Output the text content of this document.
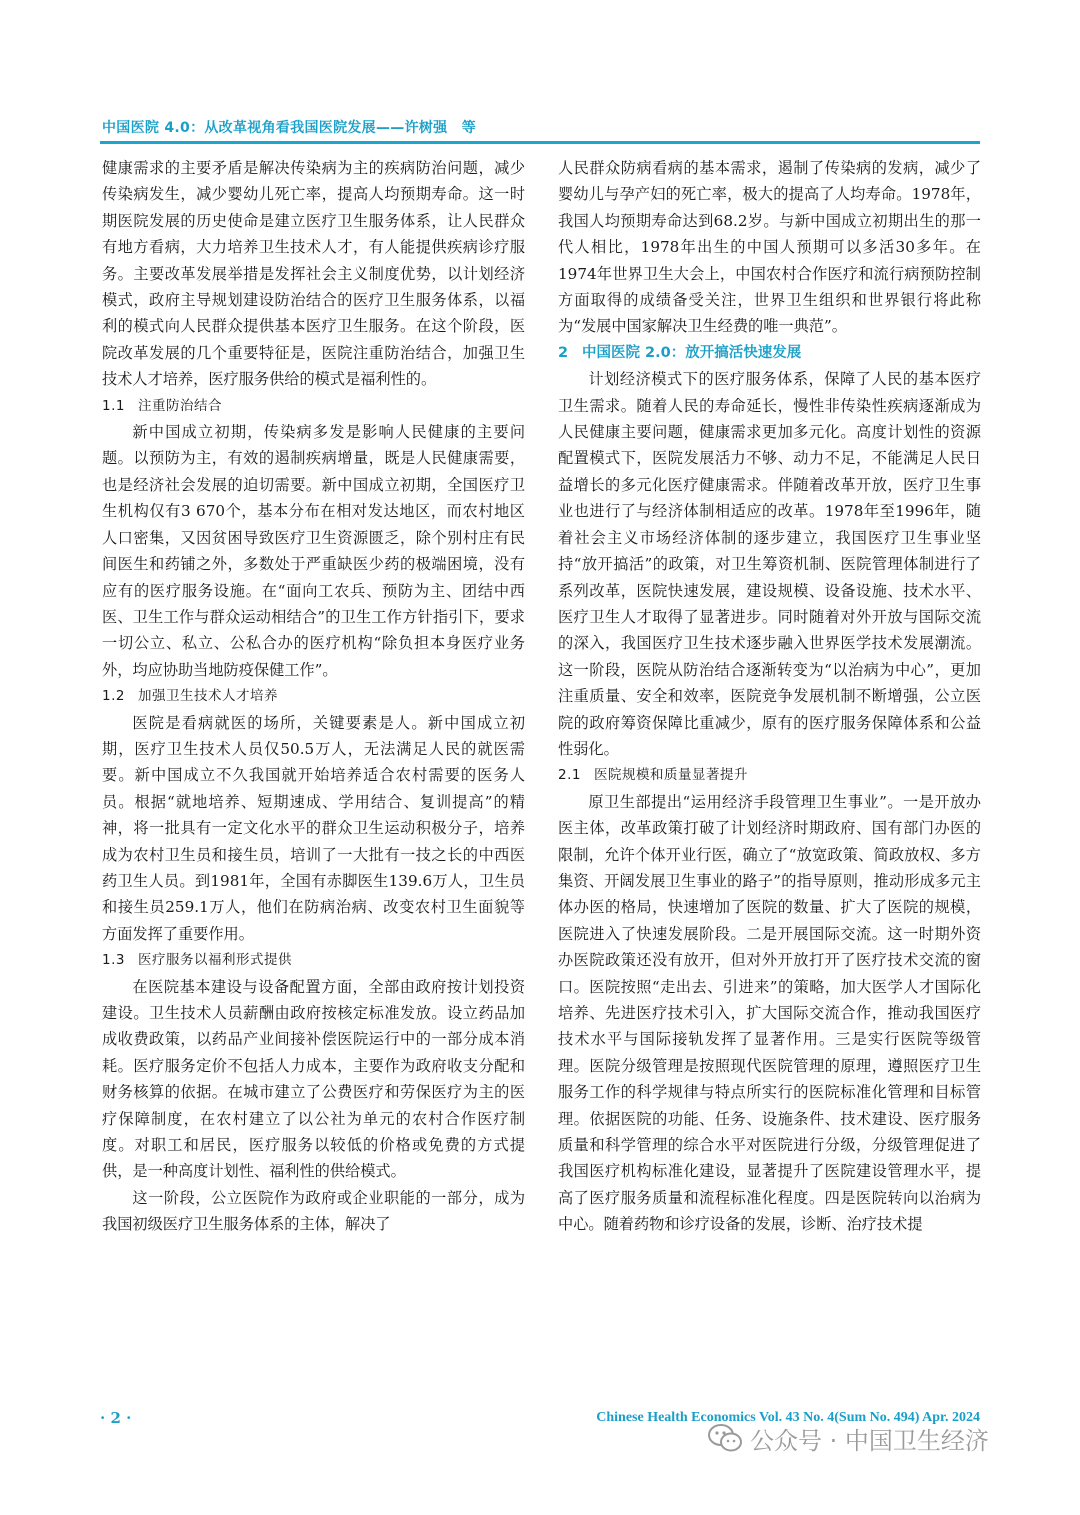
中国医院 4.0：从改革视角看我国医院发展——许树强　等

健康需求的主要矛盾是解决传染病为主的疾病防治问题，减少传染病发生，减少婴幼儿死亡率，提高人均预期寿命。这一时期医院发展的历史使命是建立医疗卫生服务体系，让人民群众有地方看病，大力培养卫生技术人才，有人能提供疾病诊疗服务。主要改革发展举措是发挥社会主义制度优势，以计划经济模式，政府主导规划建设防治结合的医疗卫生服务体系，以福利的模式向人民群众提供基本医疗卫生服务。在这个阶段，医院改革发展的几个重要特征是，医院注重防治结合，加强卫生技术人才培养，医疗服务供给的模式是福利性的。

1.1 注重防治结合

新中国成立初期，传染病多发是影响人民健康的主要问题。以预防为主，有效的遏制疾病增量，既是人民健康需要，也是经济社会发展的迫切需要。新中国成立初期，全国医疗卫生机构仅有3 670个，基本分布在相对发达地区，而农村地区人口密集，又因贫困导致医疗卫生资源匮乏，除个别村庄有民间医生和药铺之外，多数处于严重缺医少药的极端困境，没有应有的医疗服务设施。在“面向工农兵、预防为主、团结中西医、卫生工作与群众运动相结合”的卫生工作方针指引下，要求一切公立、私立、公私合办的医疗机构“除负担本身医疗业务外，均应协助当地防疫保健工作”。

1.2 加强卫生技术人才培养

医院是看病就医的场所，关键要素是人。新中国成立初期，医疗卫生技术人员仅50.5万人，无法满足人民的就医需要。新中国成立不久我国就开始培养适合农村需要的医务人员。根据“就地培养、短期速成、学用结合、复训提高”的精神，将一批具有一定文化水平的群众卫生运动积极分子，培养成为农村卫生员和接生员，培训了一大批有一技之长的中西医药卫生人员。到1981年，全国有赤脚医生139.6万人，卫生员和接生员259.1万人，他们在防病治病、改变农村卫生面貌等方面发挥了重要作用。

1.3 医疗服务以福利形式提供

在医院基本建设与设备配置方面，全部由政府按计划投资建设。卫生技术人员薪酬由政府按核定标准发放。设立药品加成收费政策，以药品产业间接补偿医院运行中的一部分成本消耗。医疗服务定价不包括人力成本，主要作为政府收支分配和财务核算的依据。在城市建立了公费医疗和劳保医疗为主的医疗保障制度，在农村建立了以公社为单元的农村合作医疗制度。对职工和居民，医疗服务以较低的价格或免费的方式提供，是一种高度计划性、福利性的供给模式。

这一阶段，公立医院作为政府或企业职能的一部分，成为我国初级医疗卫生服务体系的主体，解决了

人民群众防病看病的基本需求，遏制了传染病的发病，减少了婴幼儿与孕产妇的死亡率，极大的提高了人均寿命。1978年，我国人均预期寿命达到68.2岁。与新中国成立初期出生的那一代人相比，1978年出生的中国人预期可以多活30多年。在1974年世界卫生大会上，中国农村合作医疗和流行病预防控制方面取得的成绩备受关注，世界卫生组织和世界银行将此称为“发展中国家解决卫生经费的唯一典范”。

2 中国医院 2.0：放开搞活快速发展

计划经济模式下的医疗服务体系，保障了人民的基本医疗卫生需求。随着人民的寿命延长，慢性非传染性疾病逐渐成为人民健康主要问题，健康需求更加多元化。高度计划性的资源配置模式下，医院发展活力不够、动力不足，不能满足人民日益增长的多元化医疗健康需求。伴随着改革开放，医疗卫生事业也进行了与经济体制相适应的改革。1978年至1996年，随着社会主义市场经济体制的逐步建立，我国医疗卫生事业坚持“放开搞活”的政策，对卫生筹资机制、医院管理体制进行了系列改革，医院快速发展，建设规模、设备设施、技术水平、医疗卫生人才取得了显著进步。同时随着对外开放与国际交流的深入，我国医疗卫生技术逐步融入世界医学技术发展潮流。这一阶段，医院从防治结合逐渐转变为“以治病为中心”，更加注重质量、安全和效率，医院竞争发展机制不断增强，公立医院的政府筹资保障比重减少，原有的医疗服务保障体系和公益性弱化。

2.1 医院规模和质量显著提升

原卫生部提出“运用经济手段管理卫生事业”。一是开放办医主体，改革政策打破了计划经济时期政府、国有部门办医的限制，允许个体开业行医，确立了“放宽政策、简政放权、多方集资、开阔发展卫生事业的路子”的指导原则，推动形成多元主体办医的格局，快速增加了医院的数量、扩大了医院的规模，医院进入了快速发展阶段。二是开展国际交流。这一时期外资办医院政策还没有放开，但对外开放打开了医疗技术交流的窗口。医院按照“走出去、引进来”的策略，加大医学人才国际化培养、先进医疗技术引入，扩大国际交流合作，推动我国医疗技术水平与国际接轨发挥了显著作用。三是实行医院等级管理。医院分级管理是按照现代医院管理的原理，遵照医疗卫生服务工作的科学规律与特点所实行的医院标准化管理和目标管理。依据医院的功能、任务、设施条件、技术建设、医疗服务质量和科学管理的综合水平对医院进行分级，分级管理促进了我国医疗机构标准化建设，显著提升了医院建设管理水平，提高了医疗服务质量和流程标准化程度。四是医院转向以治病为中心。随着药物和诊疗设备的发展，诊断、治疗技术提

· 2 ·	Chinese Health Economics Vol. 43 No. 4(Sum No. 494) Apr. 2024
公众号 · 中国卫生经济
